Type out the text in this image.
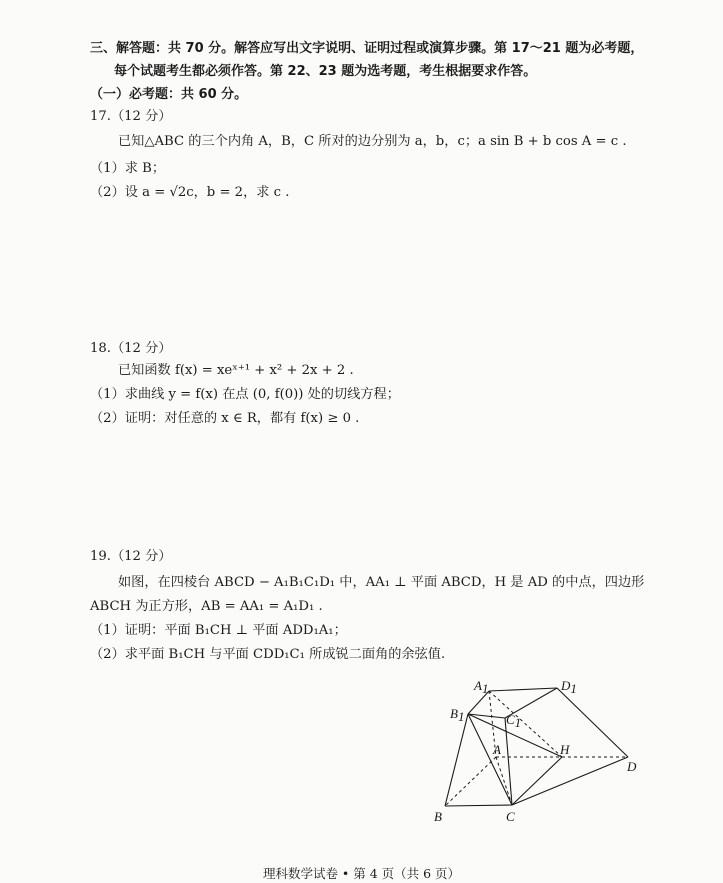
三、解答题：共 70 分。解答应写出文字说明、证明过程或演算步骤。第 17～21 题为必考题，
每个试题考生都必须作答。第 22、23 题为选考题，考生根据要求作答。
（一）必考题：共 60 分。
17.（12 分）
已知△ABC 的三个内角 A，B，C 所对的边分别为 a，b，c；a sin B + b cos A = c .
（1）求 B；
（2）设 a = √2c，b = 2，求 c .
18.（12 分）
已知函数 f(x) = xeˣ⁺¹ + x² + 2x + 2 .
（1）求曲线 y = f(x) 在点 (0, f(0)) 处的切线方程；
（2）证明：对任意的 x ∈ R，都有 f(x) ≥ 0 .
19.（12 分）
如图，在四棱台 ABCD − A₁B₁C₁D₁ 中，AA₁ ⊥ 平面 ABCD，H 是 AD 的中点，四边形
ABCH 为正方形，AB = AA₁ = A₁D₁ .
（1）证明：平面 B₁CH ⊥ 平面 ADD₁A₁；
（2）求平面 B₁CH 与平面 CDD₁C₁ 所成锐二面角的余弦值.
A1	D1
B1	C1
A	H
D
B	C
理科数学试卷 • 第 4 页（共 6 页）
